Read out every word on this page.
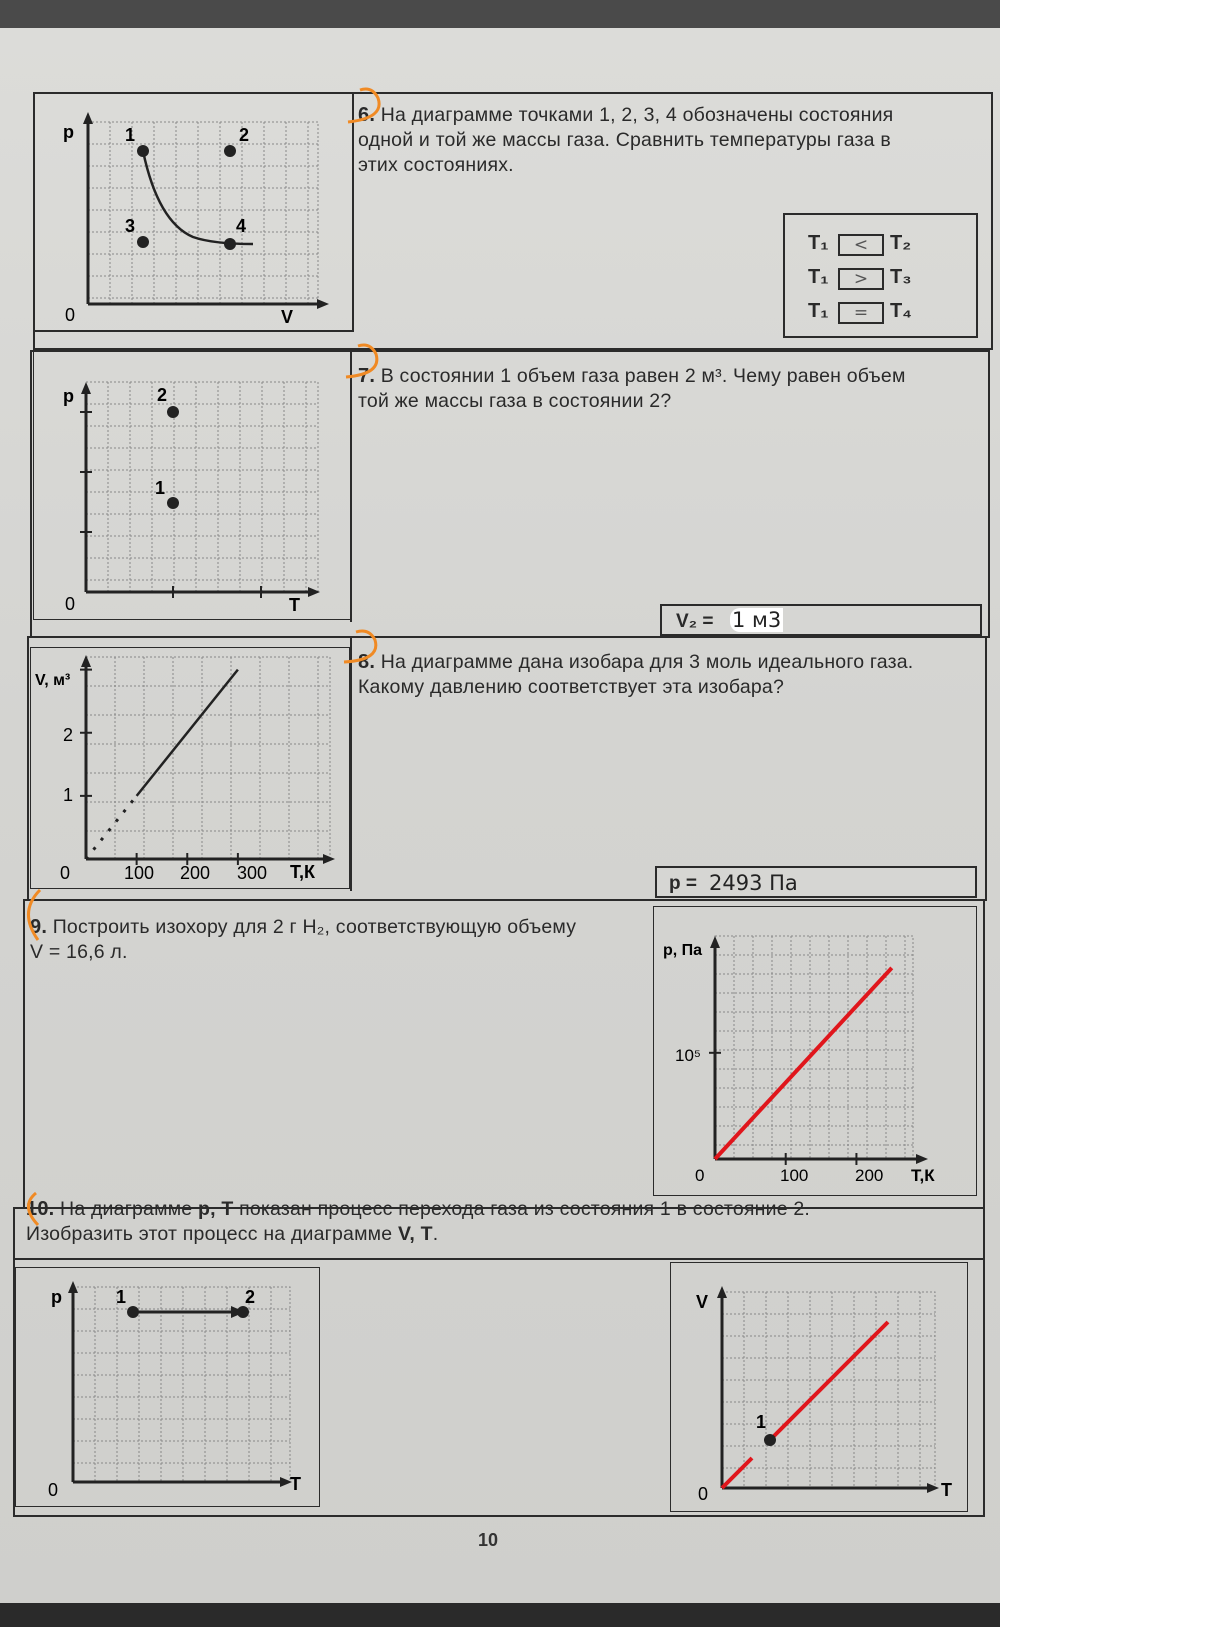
p
V
0
1	2
3	4
6. На диаграмме точками 1, 2, 3, 4 обозначены состояния
одной и той же массы газа. Сравнить температуры газа в
этих состояниях.
T₁	<	T₂
T₁	>	T₃
T₁	=	T₄
p
T
0
2
1
7. В состоянии 1 объем газа равен 2 м³. Чему равен объем
той же массы газа в состоянии 2?
V₂ = 1 м3
V, м³
T,К
0	100 200 300
1
2
8. На диаграмме дана изобара для 3 моль идеального газа.
Какому давлению соответствует эта изобара?
p = 2493 Па
9. Построить изохору для 2 г H₂, соответствующую объему
V = 16,6 л.	p, Па
T,К
0	100	200
10⁵
10. На диаграмме p, T показан процесс перехода газа из состояния 1 в состояние 2.
Изобразить этот процесс на диаграмме V, T.
p
T
0
1	2	V
T
0
1
10
